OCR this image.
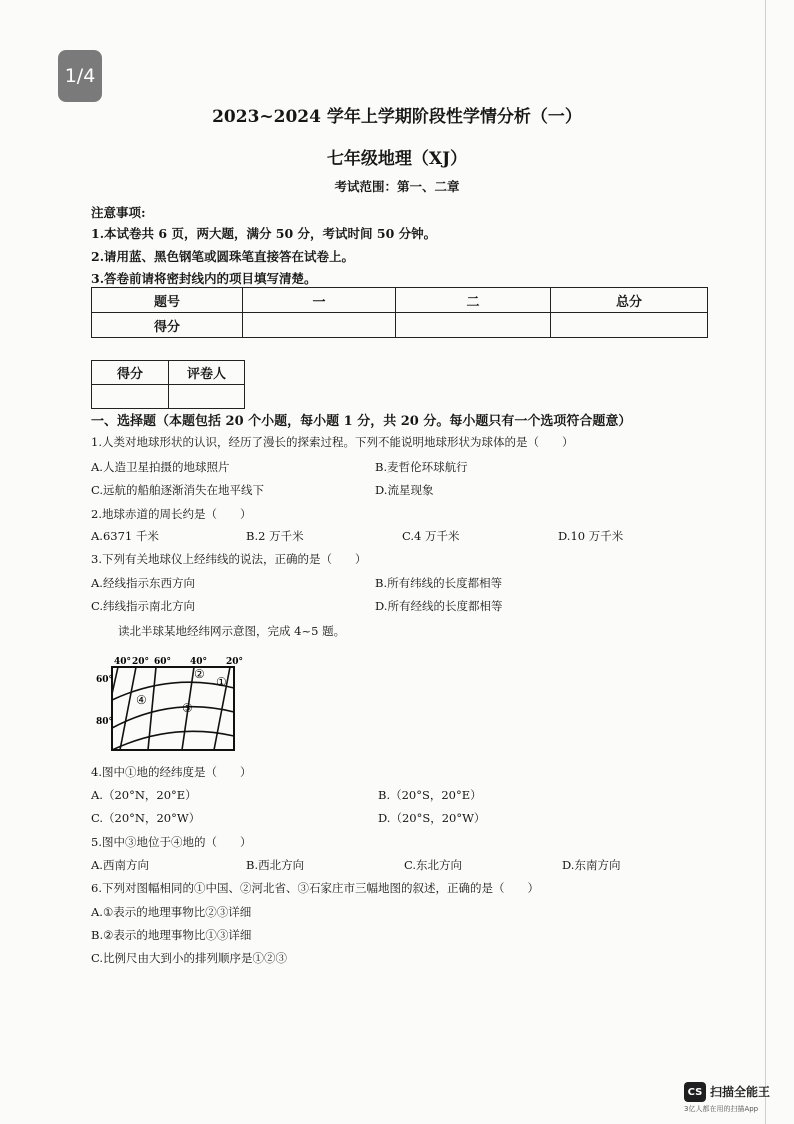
1/4
2023~2024 学年上学期阶段性学情分析（一）
七年级地理（XJ）
考试范围：第一、二章
注意事项:
1.本试卷共 6 页，两大题，满分 50 分，考试时间 50 分钟。
2.请用蓝、黑色钢笔或圆珠笔直接答在试卷上。
3.答卷前请将密封线内的项目填写清楚。
题号	一	二	总分
得分			
得分	评卷人

一、选择题（本题包括 20 个小题，每小题 1 分，共 20 分。每小题只有一个选项符合题意）
1.人类对地球形状的认识，经历了漫长的探索过程。下列不能说明地球形状为球体的是（　　）
A.人造卫星拍摄的地球照片	B.麦哲伦环球航行
C.远航的船舶逐渐消失在地平线下	D.流星现象
2.地球赤道的周长约是（　　）
A.6371 千米	B.2 万千米	C.4 万千米	D.10 万千米
3.下列有关地球仪上经纬线的说法，正确的是（　　）
A.经线指示东西方向	B.所有纬线的长度都相等
C.纬线指示南北方向	D.所有经线的长度都相等
读北半球某地经纬网示意图，完成 4~5 题。
40° 20° 60° 40° 20°
60°
80°
①
②
③
④
4.图中①地的经纬度是（　　）
A.（20°N，20°E）	B.（20°S，20°E）
C.（20°N，20°W）	D.（20°S，20°W）
5.图中③地位于④地的（　　）
A.西南方向	B.西北方向	C.东北方向	D.东南方向
6.下列对图幅相同的①中国、②河北省、③石家庄市三幅地图的叙述，正确的是（　　）
A.①表示的地理事物比②③详细
B.②表示的地理事物比①③详细
C.比例尺由大到小的排列顺序是①②③
CS 扫描全能王
3亿人都在用的扫描App
